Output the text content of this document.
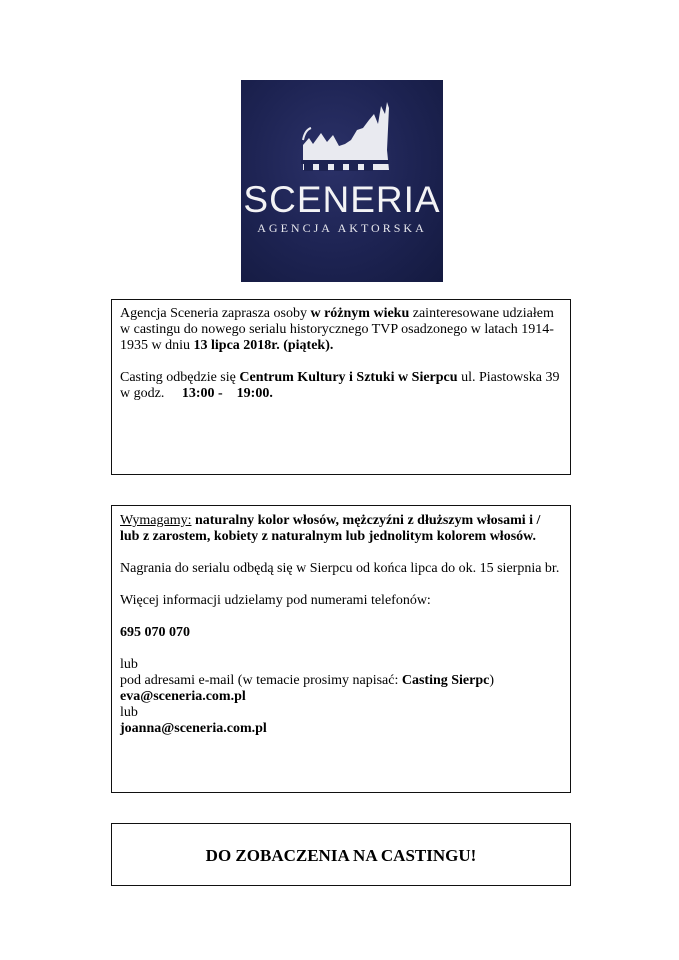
SCENERIA
AGENCJA AKTORSKA

Agencja Sceneria zaprasza osoby w różnym wieku zainteresowane udziałem w castingu do nowego serialu historycznego TVP osadzonego w latach 1914-1935 w dniu 13 lipca 2018r. (piątek).

Casting odbędzie się Centrum Kultury i Sztuki w Sierpcu ul. Piastowska 39 w godz.     13:00 -    19:00.

Wymagamy: naturalny kolor włosów, mężczyźni z dłuższym włosami i / lub z zarostem, kobiety z naturalnym lub jednolitym kolorem włosów.

Nagrania do serialu odbędą się w Sierpcu od końca lipca do ok. 15 sierpnia br.

Więcej informacji udzielamy pod numerami telefonów:

695 070 070

lub

pod adresami e-mail (w temacie prosimy napisać: Casting Sierpc)

eva@sceneria.com.pl

lub

joanna@sceneria.com.pl

DO ZOBACZENIA NA CASTINGU!
